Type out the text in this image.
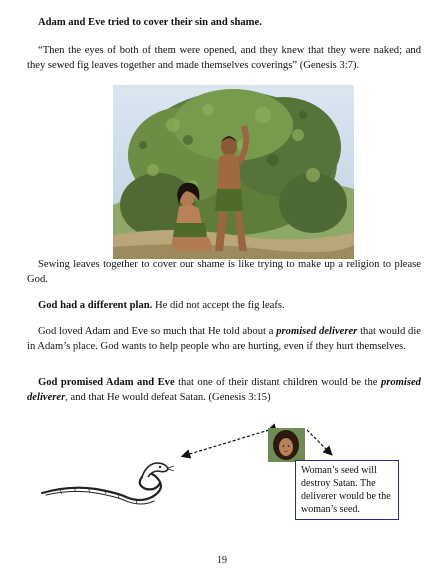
Adam and Eve tried to cover their sin and shame.

“Then the eyes of both of them were opened, and they knew that they were naked; and they sewed fig leaves together and made themselves coverings” (Genesis 3:7).

Sewing leaves together to cover our shame is like trying to make up a religion to please God.

God had a different plan. He did not accept the fig leafs.

God loved Adam and Eve so much that He told about a promised deliverer that would die in Adam’s place. God wants to help people who are hurting, even if they hurt themselves.

God promised Adam and Eve that one of their distant children would be the promised deliverer, and that He would defeat Satan. (Genesis 3:15)

Woman’s seed will destroy Satan. The deliverer would be the woman’s seed.

19
